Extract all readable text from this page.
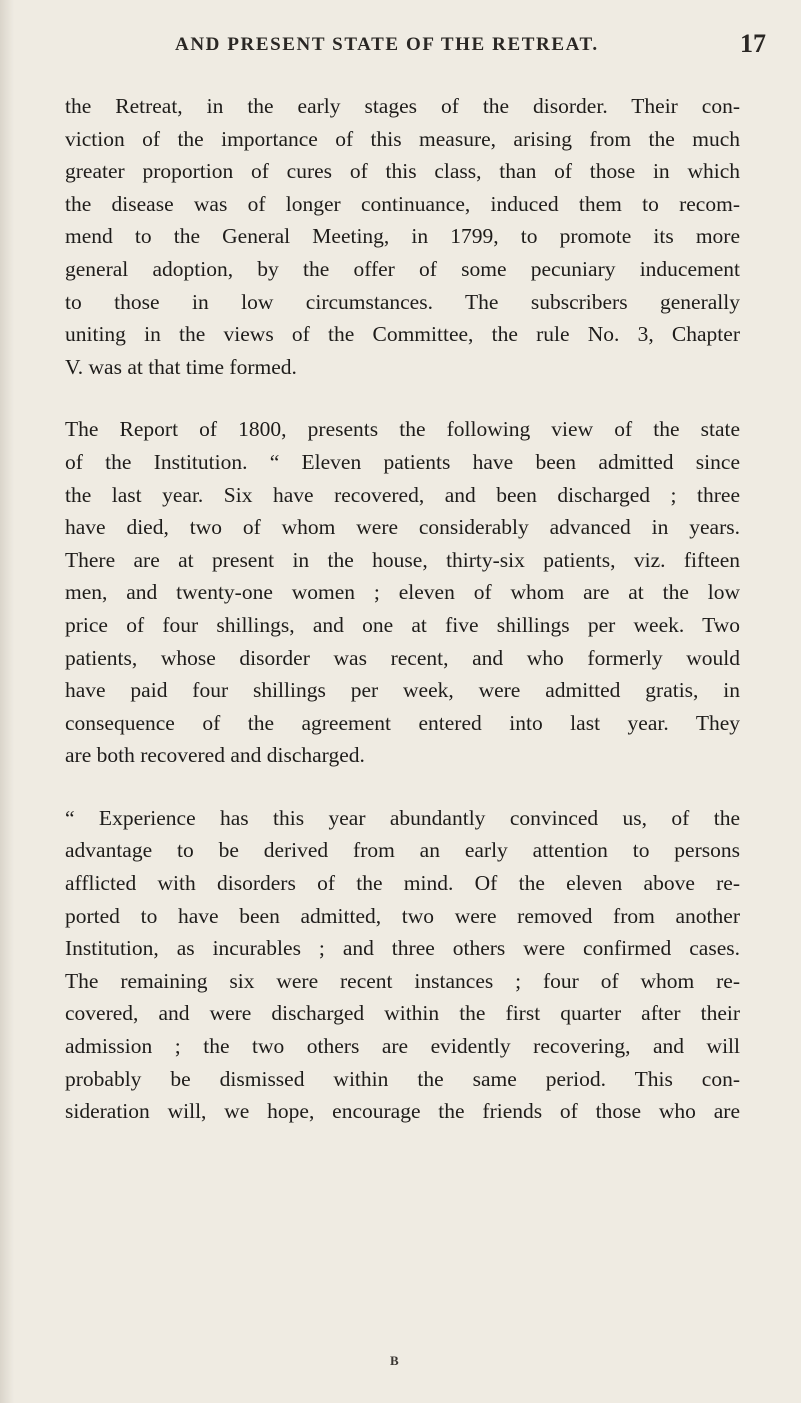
AND PRESENT STATE OF THE RETREAT.	17

the Retreat, in the early stages of the disorder. Their con-
viction of the importance of this measure, arising from the much
greater proportion of cures of this class, than of those in which
the disease was of longer continuance, induced them to recom-
mend to the General Meeting, in 1799, to promote its more
general adoption, by the offer of some pecuniary inducement
to those in low circumstances. The subscribers generally
uniting in the views of the Committee, the rule No. 3, Chapter
V. was at that time formed.

The Report of 1800, presents the following view of the state
of the Institution. “ Eleven patients have been admitted since
the last year. Six have recovered, and been discharged ; three
have died, two of whom were considerably advanced in years.
There are at present in the house, thirty-six patients, viz. fifteen
men, and twenty-one women ; eleven of whom are at the low
price of four shillings, and one at five shillings per week. Two
patients, whose disorder was recent, and who formerly would
have paid four shillings per week, were admitted gratis, in
consequence of the agreement entered into last year. They
are both recovered and discharged.

“ Experience has this year abundantly convinced us, of the
advantage to be derived from an early attention to persons
afflicted with disorders of the mind. Of the eleven above re-
ported to have been admitted, two were removed from another
Institution, as incurables ; and three others were confirmed cases.
The remaining six were recent instances ; four of whom re-
covered, and were discharged within the first quarter after their
admission ; the two others are evidently recovering, and will
probably be dismissed within the same period. This con-
sideration will, we hope, encourage the friends of those who are

B
